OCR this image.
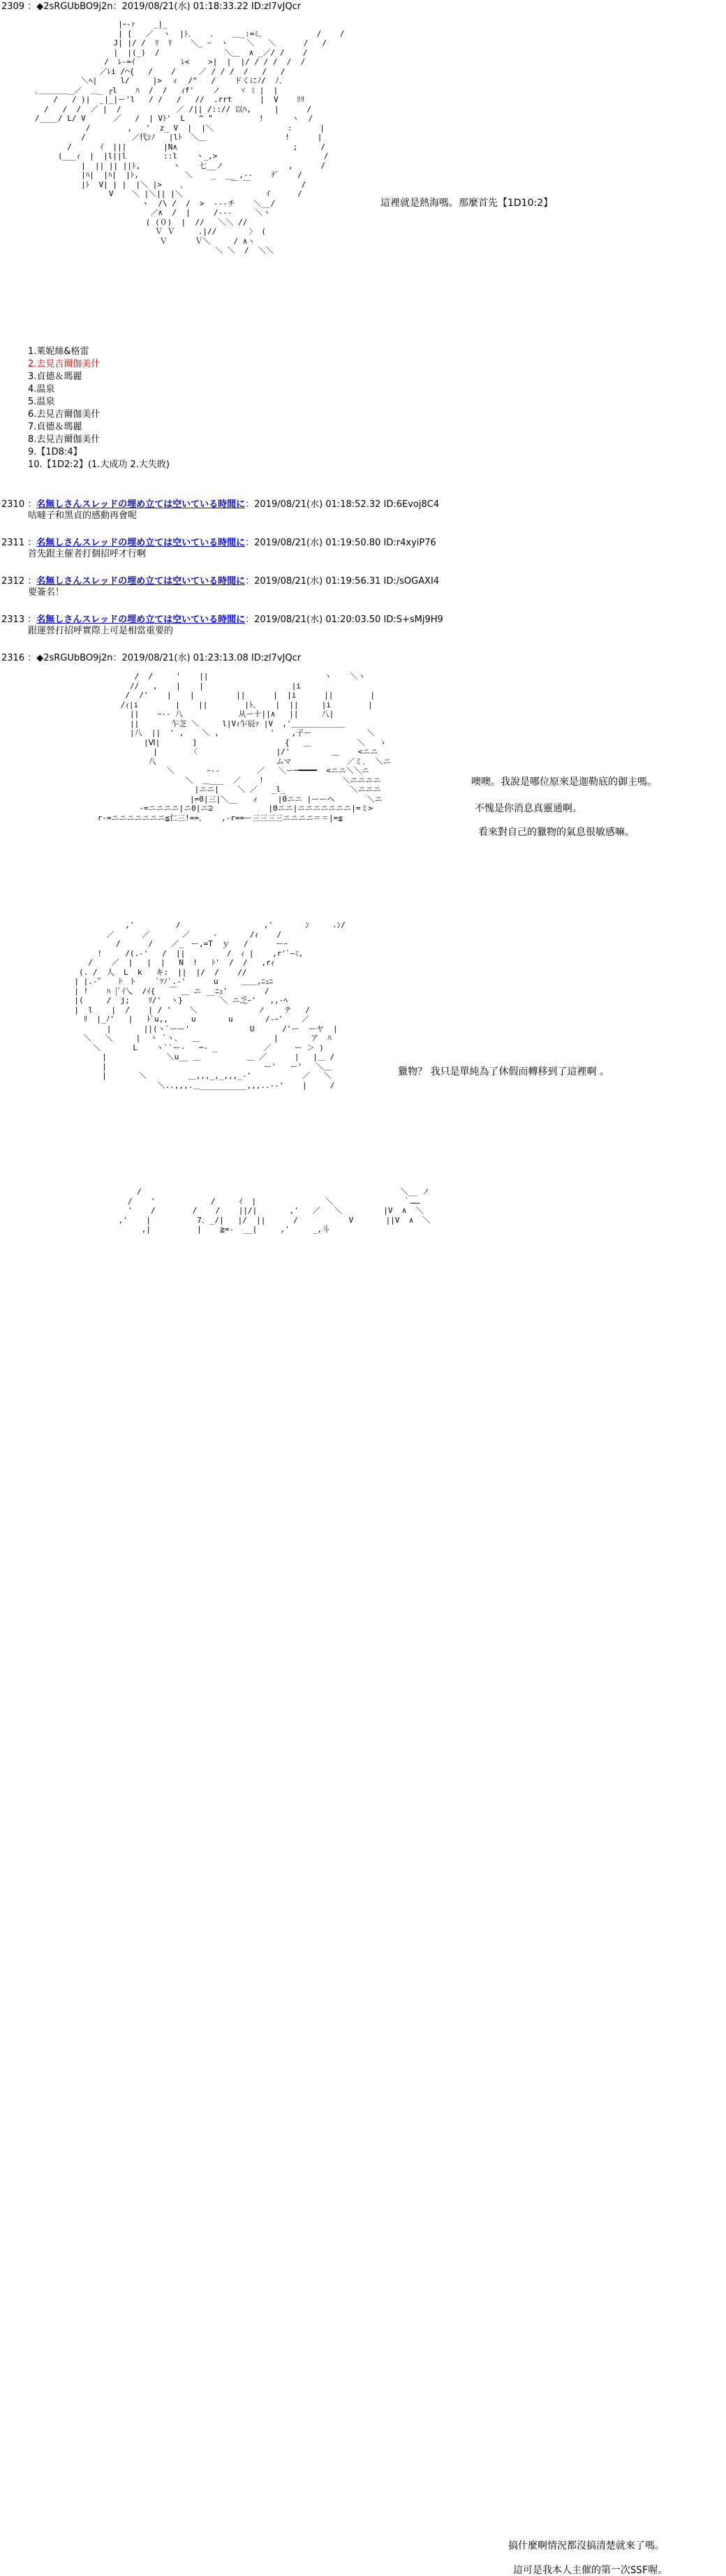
2309 ：◆2sRGUbBO9j2n：2019/08/21(水) 01:18:33.22 ID:zl7vJQcr
|ｰ-ｧ    _|_
| [   ／  ヽ  |ﾄ､    ､    ＿_:=ﾐ、           /    /
J| |/ /  ﾘ  ﾘ    ＼_ ｰ  ヽ    ＼   ＼      /   /
|  |(_)  /              ＼＿  ∧ _／/ /    /
/  ﾚ-=ｲ          ﾚ<    >|  |  |/ / / /  /  /
／ﾚi /⌒{   /    /     ／ / / /  /   /   /
＼ﾍ|     l/     |>  ィ  /"   /    ドくにﾉ/  ﾉ､
､＿＿＿＿_／  ＿_ ┌l    ﾊ  /  /   ｨf'    ノ    ヾ ﾐ |  |
/   / )|  _|_|ー'l   / /   /   //  .rrt      |  V    ﾘﾘ
/   /  /  ／ |  /            ／ /|| /::// 以ﾊ,     |      /
/____/ L/ V      ／   /  | Vﾄ'  L   ^ "          !      ヽ  /
/        ,   '  z_ V  |  |＼                :      |
/          ／代ｼﾉ   |lﾄ  ＼＿                 !      |
/      ｲ  |||        |N∧                         ;     /
(___ｨ  |  |l||l        ::l    ヽ_,>                       /
|  || || ||ﾄ,       ヽ    七__ノ              ,      /
|ﾊ|  |ﾊ|  |ﾄ,          ＼    _  __ ,--    ﾃﾞ    /
|ﾄ  V| | |  |＼ |>    ､          ￣ ￣           /
V    ＼ |＼|| |＼                  ｲ      /
ヽ  /\ /  /  >  ---チ    ＼__/
／∧  /  |     /---     ＼ヽ
( (０)  |  //   ＼＼ //
Ｖ Ｖ     .|//       〉 (
Ｖ      Ｖ＼     / ∧ヽ
＼ ＼  /  ＼＼

這裡就是熱海嗎。那麼首先【1D10:2】
1.萊妮絲&格雷
2.去見吉爾伽美什
3.貞德＆瑪麗
4.温泉
5.温泉
6.去見吉爾伽美什
7.貞德＆瑪麗
8.去見吉爾伽美什
9.【1D8:4】
10.【1D2:2】(1.大成功 2.大失敗)
2310 ：名無しさんスレッドの埋め立ては空いている時間に：2019/08/21(水) 01:18:52.32 ID:6Evoj8C4
咕噠子和黑貞的感動再會呢
2311 ：名無しさんスレッドの埋め立ては空いている時間に：2019/08/21(水) 01:19:50.80 ID:r4xyiP76
首先跟主催者打個招呼才行啊
2312 ：名無しさんスレッドの埋め立ては空いている時間に：2019/08/21(水) 01:19:56.31 ID:/sOGAXI4
要簽名！
2313 ：名無しさんスレッドの埋め立ては空いている時間に：2019/08/21(水) 01:20:03.50 ID:S+sMj9H9
跟運營打招呼實際上可是相當重要的
2316 ：◆2sRGUbBO9j2n：2019/08/21(水) 01:23:13.08 ID:zl7vJQcr
/  /     '    ||                         ヽ    ＼ヽ
//   ,    |    |                   |i
/  /'    |    |         ||      |  |i      ||        |
/ｨ|i        |    ||        |ﾄ､    |  ||     |i        |
||    ｰ-- 八            从ー十||∧   ||     八|
||       乍芝 ＼     l|Vｨ乍辰ｧ |V  ,'＿＿＿＿＿＿＿
|八  ||  ' ,    ＼ ,           ' 　 ,子ー            ＼
|Ⅵ|       ]                   {   ＿          ＼   ゝ
|       〈                 |/'         ＿    <ニニ
八                          ムマ            ／ミ､  ＼ニ
＼       ｰ--        ／   ＼ー─━━━━  <ニニ＼＼ニ
＼  ＿___  ／    !                 ＼ニニニニ
|ニニ|    ＼ ／   _l_              ＼ニニニ
|=0|三|＼__   ィ    |0ニニ |ーーヘ       ＼ニ
-=ニニニニ|ニ0|ニ⊇            |0ニニ|ニニニニニニニ|=ミ>
r-=ニニニニニニニ≦仁三!==､    ,-r==ー三三三三ニニニニ＝＝|=≦

噢噢。我說是哪位原來是迦勒底的御主嗎。
不愧是你消息真靈通啊。
看來對自己的獵物的氣息很敏感嘛。
,'         /                  ,'       ﾝ     .ﾝ/
／      ／       ／     -       /ｨ    /
/      /    ／_　ー,=T  ｙ   /      ーｰ
!     /(.-'   /  ||         /  ｨ |    ,r'ﾞ~ﾐ,
/    ／  |   |  |   N  !   ﾄ'  /  /   ,rｨ
(. /  人  L  k   キ:  ||  |/  /    //
| |.-'ﾞ   ト ト    `ﾂﾉ`.-'      u     ＿＿,ﾆｭﾆ
| !    ﾊ |ﾟｲ乀  /ｲ{   ￣ ＿ ニ __ﾆｭ'        /
|(     /  j;    ﾘ/'  ヽ}        ＼ ニ乏ｰ'   ,,-ﾍ
|  l    |  /    | / '    ＼             ノ    テ   /
ﾘ  |_ﾉ'   |   ﾄﾞu,,     u       u       /-ｰ'    ／
|       ||(ヽ`ーー'             U      /'ー  ーヤ  |
＼   ＼     |  ヽ `ヽ､   ＿                |       ア  ﾊ
＼       L    ヽ``ー-   ─- _          ／     ー ＞ )
|             ＼u__ ＿          ＿ ／      |   |＿ /
|                                  ー'   ー'   ＼＿
|       ＼         ＿,,,_,_,,,_-'           ／   ＼
＼..,,,.＿__________,,,..--'    |     /

獵物？ 我只是單純為了休假而轉移到了這裡啊 。
/                                                        ＼__ ノ
/    '            /     ｲ  |               ＼               ｀……
'    /        /    /    ||/|       ,'   ／   ＼         |V  ∧  ＼
,'    |          7､ _/|   |/  ||      /           V       ||V  ∧  ＼
,|          |    ≧=-  __|     ,'     _,斗

搞什麼啊情況都沒搞清楚就來了嗎。

這可是我本人主催的第一次SSF喔。
